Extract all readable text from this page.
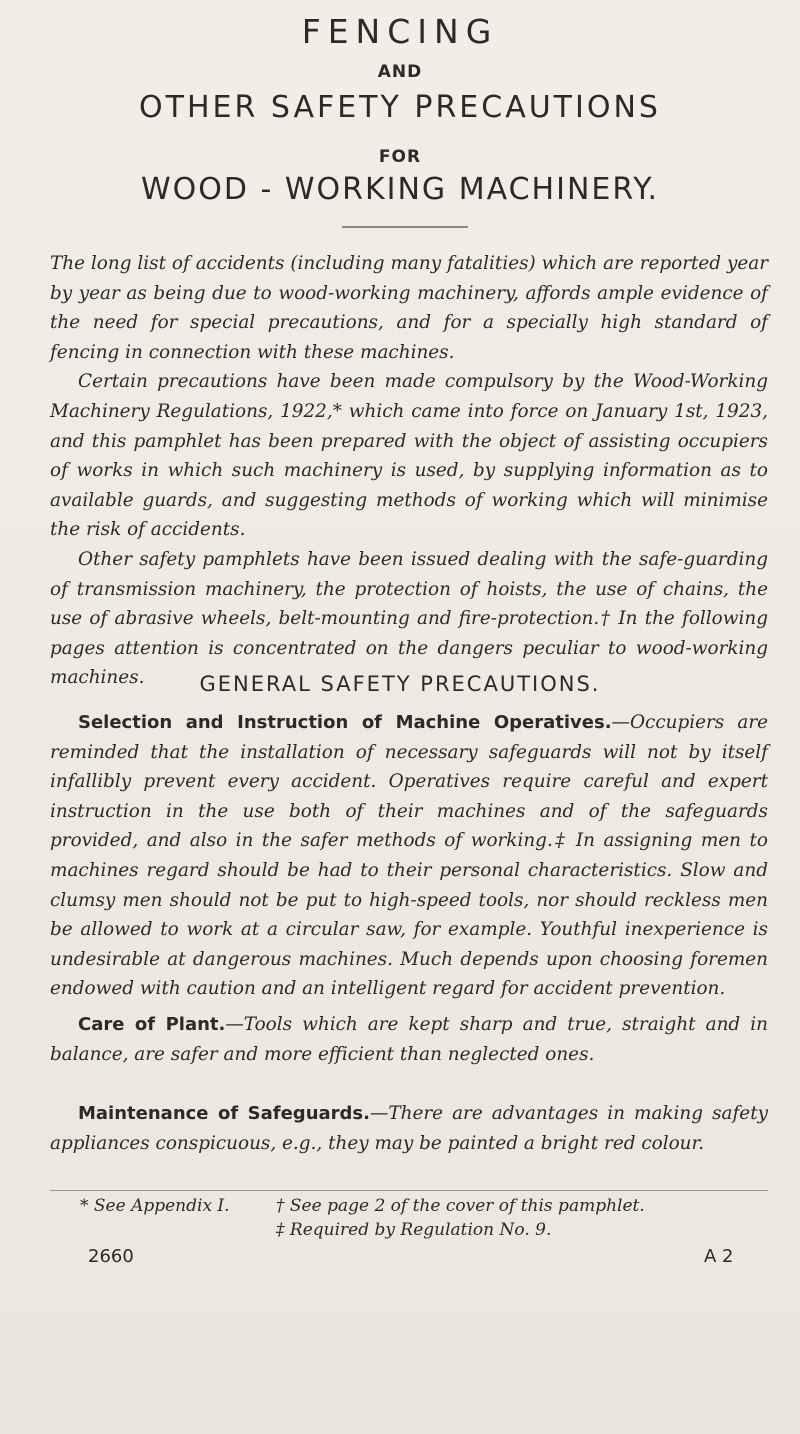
FENCING
AND
OTHER SAFETY PRECAUTIONS
FOR
WOOD - WORKING MACHINERY.

The long list of accidents (including many fatalities) which are reported year by year as being due to wood-working machinery, affords ample evidence of the need for special precautions, and for a specially high standard of fencing in connection with these machines.

Certain precautions have been made compulsory by the Wood-Working Machinery Regulations, 1922,* which came into force on January 1st, 1923, and this pamphlet has been prepared with the object of assisting occupiers of works in which such machinery is used, by supplying information as to available guards, and suggesting methods of working which will minimise the risk of accidents.

Other safety pamphlets have been issued dealing with the safe-guarding of transmission machinery, the protection of hoists, the use of chains, the use of abrasive wheels, belt-mounting and fire-protection.† In the following pages attention is concentrated on the dangers peculiar to wood-working machines.	GENERAL SAFETY PRECAUTIONS.
Selection and Instruction of Machine Operatives.—Occupiers are reminded that the installation of necessary safeguards will not by itself infallibly prevent every accident. Operatives require careful and expert instruction in the use both of their machines and of the safeguards provided, and also in the safer methods of working.‡ In assigning men to machines regard should be had to their personal characteristics. Slow and clumsy men should not be put to high-speed tools, nor should reckless men be allowed to work at a circular saw, for example. Youthful inexperience is undesirable at dangerous machines. Much depends upon choosing foremen endowed with caution and an intelligent regard for accident prevention.
Care of Plant.—Tools which are kept sharp and true, straight and in balance, are safer and more efficient than neglected ones.
Maintenance of Safeguards.—There are advantages in making safety appliances conspicuous, e.g., they may be painted a bright red colour.
* See Appendix I.	† See page 2 of the cover of this pamphlet.
‡ Required by Regulation No. 9.
2660	A 2
